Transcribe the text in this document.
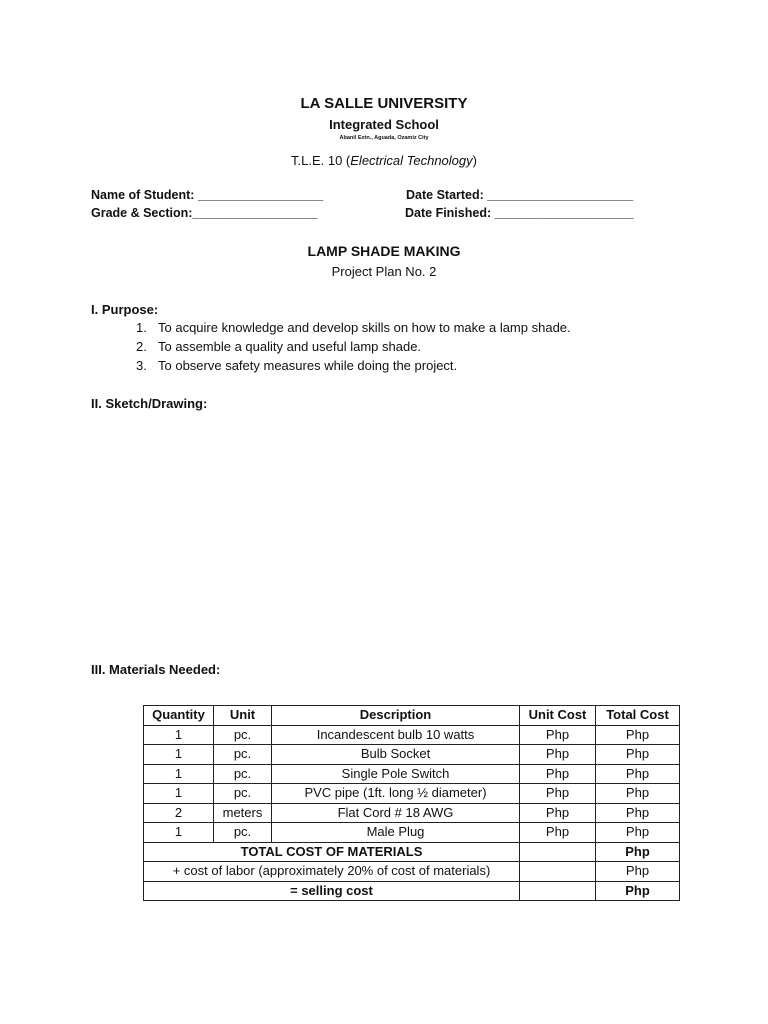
LA SALLE UNIVERSITY
Integrated School
Abanil Extn., Aguada, Ozamiz City
T.L.E. 10 (Electrical Technology)
Name of Student: __________________
Grade & Section:__________________
Date Started: _____________________
Date Finished: ____________________
LAMP SHADE MAKING
Project Plan No. 2
I. Purpose:
1. To acquire knowledge and develop skills on how to make a lamp shade.
2. To assemble a quality and useful lamp shade.
3. To observe safety measures while doing the project.
II. Sketch/Drawing:
III. Materials Needed:
Quantity	Unit	Description	Unit Cost	Total Cost
1	pc.	Incandescent bulb 10 watts	Php	Php
1	pc.	Bulb Socket	Php	Php
1	pc.	Single Pole Switch	Php	Php
1	pc.	PVC pipe (1ft. long ½ diameter)	Php	Php
2	meters	Flat Cord # 18 AWG	Php	Php
1	pc.	Male Plug	Php	Php
TOTAL COST OF MATERIALS				Php
+ cost of labor (approximately 20% of cost of materials)				Php
= selling cost				Php
